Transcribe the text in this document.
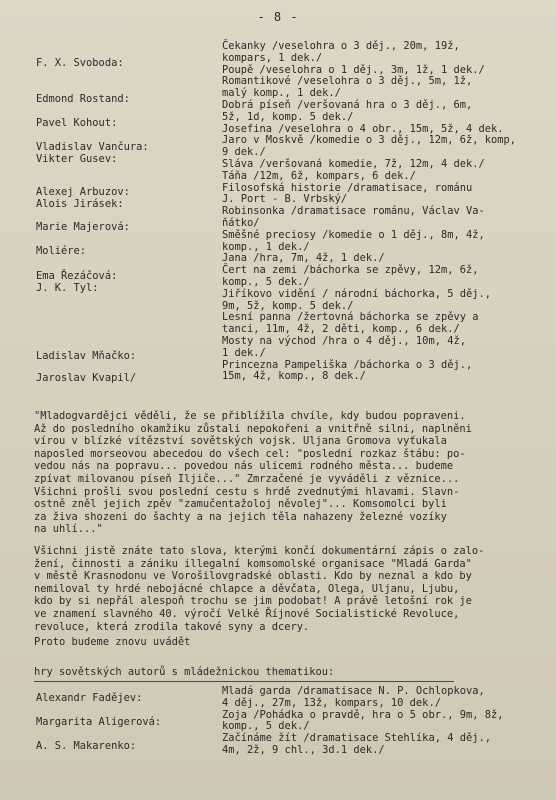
- 8 -
F. X. Svoboda:
Edmond Rostand:
Pavel Kohout:
Vladislav Vančura:
Vikter Gusev:
Alexej Arbuzov:
Alois Jirásek:
Marie Majerová:
Moliére:
Ema Řezáčová:
J. K. Tyl:
Ladislav Mňačko:
Jaroslav Kvapil/
Čekanky /veselohra o 3 děj., 20m, 19ž,
kompars, 1 dek./
Poupě /veselohra o 1 děj., 3m, 1ž, 1 dek./
Romantikové /veselohra o 3 děj., 5m, 1ž,
malý komp., 1 dek./
Dobrá píseň /veršovaná hra o 3 děj., 6m,
5ž, 1d, komp. 5 dek./
Josefina /veselohra o 4 obr., 15m, 5ž, 4 dek.
Jaro v Moskvě /komedie o 3 děj., 12m, 6ž, komp,
9 dek./
Sláva /veršovaná komedie, 7ž, 12m, 4 dek./
Táňa /12m, 6ž, kompars, 6 dek./
Filosofská historie /dramatisace, románu
J. Port - B. Vrbský/
Robinsonka /dramatisace románu, Václav Va-
ňátko/
Směšné preciosy /komedie o 1 děj., 8m, 4ž,
komp., 1 dek./
Jana /hra, 7m, 4ž, 1 dek./
Čert na zemi /báchorka se zpěvy, 12m, 6ž,
komp., 5 dek./
Jiříkovo vidění / národní báchorka, 5 děj.,
9m, 5ž, komp. 5 dek./
Lesní panna /žertovná báchorka se zpěvy a
tanci, 11m, 4ž, 2 děti, komp., 6 dek./
Mosty na východ /hra o 4 děj., 10m, 4ž,
1 dek./
Princezna Pampeliška /báchorka o 3 děj.,
15m, 4ž, komp., 8 dek./
"Mladogvardějci věděli, že se přiblížila chvíle, kdy budou popraveni.
Až do posledního okamžiku zůstali nepokořeni a vnitřně silni, naplněni
vírou v blízké vítězství sovětských vojsk. Uljana Gromova vyťukala
naposled morseovou abecedou do všech cel: "poslední rozkaz štábu: po-
vedou nás na popravu... povedou nás ulicemi rodného města... budeme
zpívat milovanou píseň Iljiče..." Zmrzačené je vyváděli z věznice...
Všichni prošli svou poslední cestu s hrdě zvednutými hlavami. Slavn-
ostně zněl jejich zpěv "zamučentažoloj něvolej"... Komsomolci byli
za živa shozeni do šachty a na jejich těla nahazeny železné vozíky
na uhlí..."
Všichni jistě znáte tato slova, kterými končí dokumentární zápis o zalo-
žení, činnosti a zániku illegalní komsomolské organisace "Mladá Garda"
v městě Krasnodonu ve Vorošilovgradské oblasti. Kdo by neznal a kdo by
nemiloval ty hrdé nebojácné chlapce a děvčata, Olega, Uljanu, Ljubu,
kdo by si nepřál alespoň trochu se jim podobat! A právě letošní rok je
ve znamení slavného 40. výročí Velké Říjnové Socialistické Revoluce,
revoluce, která zrodila takové syny a dcery.
Proto budeme znovu uvádět
hry sovětských autorů s mládežnickou thematikou:
Alexandr Fadějev:
Margarita Aligerová:
A. S. Makarenko:
Mladá garda /dramatisace N. P. Ochlopkova,
4 děj., 27m, 13ž, kompars, 10 dek./
Zoja /Pohádka o pravdě, hra o 5 obr., 9m, 8ž,
komp., 5 dek./
Začínáme žít /dramatisace Stehlíka, 4 děj.,
4m, 2ž, 9 chl., 3d.1 dek./
